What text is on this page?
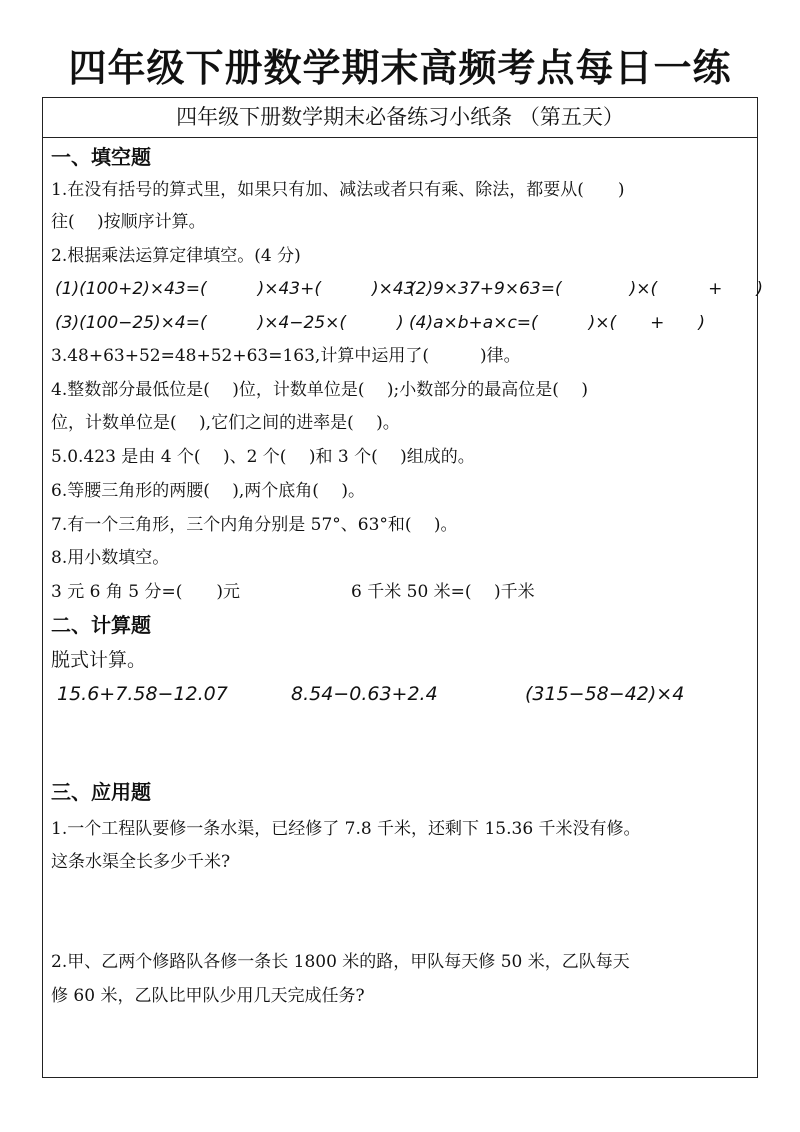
四年级下册数学期末高频考点每日一练
四年级下册数学期末必备练习小纸条 （第五天）
一、填空题
1.在没有括号的算式里，如果只有加、减法或者只有乘、除法，都要从(　　)
往(　 )按顺序计算。
2.根据乘法运算定律填空。(4 分)
(1)(100+2)×43=(　　　)×43+(　　　)×43
(2)9×37+9×63=(　　　　)×(　　　+　　)
(3)(100−25)×4=(　　　)×4−25×(　　　) (4)a×b+a×c=(　　　)×(　　+　　)
3.48+63+52=48+52+63=163,计算中运用了(　　　)律。
4.整数部分最低位是(　 )位，计数单位是(　 );小数部分的最高位是(　 )
位，计数单位是(　 ),它们之间的进率是(　 )。
5.0.423 是由 4 个(　 )、2 个(　 )和 3 个(　 )组成的。
6.等腰三角形的两腰(　 ),两个底角(　 )。
7.有一个三角形，三个内角分别是 57°、63°和(　 )。
8.用小数填空。
3 元 6 角 5 分=(　　)元	6 千米 50 米=(　 )千米
二、计算题
脱式计算。
15.6+7.58−12.07	8.54−0.63+2.4	(315−58−42)×4
三、应用题
1.一个工程队要修一条水渠，已经修了 7.8 千米，还剩下 15.36 千米没有修。
这条水渠全长多少千米?
2.甲、乙两个修路队各修一条长 1800 米的路，甲队每天修 50 米，乙队每天
修 60 米，乙队比甲队少用几天完成任务?
